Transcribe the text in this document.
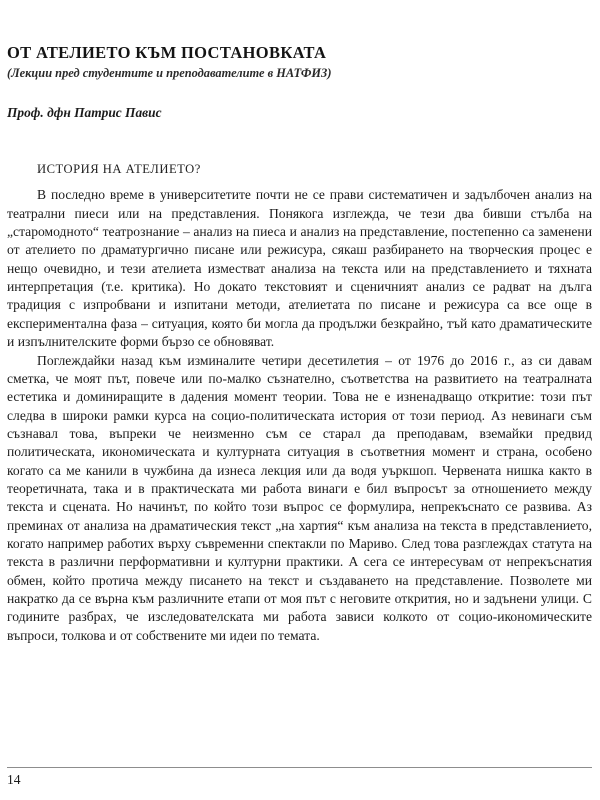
ОТ АТЕЛИЕТО КЪМ ПОСТАНОВКАТА
(Лекции пред студентите и преподавателите в НАТФИЗ)
Проф. дфн Патрис Павис
ИСТОРИЯ НА АТЕЛИЕТО?

В последно време в университетите почти не се прави систематичен и задълбочен анализ на театрални пиеси или на представления. Понякога изглежда, че тези два бивши стълба на „старомодното“ театрознание – анализ на пиеса и анализ на представление, постепенно са заменени от ателието по драматургично писане или режисура, сякаш разбирането на творческия процес е нещо очевидно, и тези ателиета изместват анализа на текста или на представлението и тяхната интерпретация (т.е. критика). Но докато текстовият и сценичният анализ се радват на дълга традиция с изпробвани и изпитани методи, ателиетата по писане и режисура са все още в експериментална фаза – ситуация, която би могла да продължи безкрайно, тъй като драматическите и изпълнителските форми бързо се обновяват.

Поглеждайки назад към изминалите четири десетилетия – от 1976 до 2016 г., аз си давам сметка, че моят път, повече или по-малко съзнателно, съответства на развитието на театралната естетика и доминиращите в дадения момент теории. Това не е изненадващо откритие: този път следва в широки рамки курса на социо-политическата история от този период. Аз невинаги съм съзнавал това, въпреки че неизменно съм се старал да преподавам, вземайки предвид политическата, икономическата и културната ситуация в съответния момент и страна, особено когато са ме канили в чужбина да изнеса лекция или да водя уъркшоп. Червената нишка както в теоретичната, така и в практическата ми работа винаги е бил въпросът за отношението между текста и сцената. Но начинът, по който този въпрос се формулира, непрекъснато се развива. Аз преминах от анализа на драматическия текст „на хартия“ към анализа на текста в представлението, когато например работих върху съвременни спектакли по Мариво. След това разглеждах статута на текста в различни перформативни и културни практики. А сега се интересувам от непрекъснатия обмен, който протича между писането на текст и създаването на представление. Позволете ми накратко да се върна към различните етапи от моя път с неговите открития, но и задънени улици. С годините разбрах, че изследователската ми работа зависи колкото от социо-икономическите въпроси, толкова и от собствените ми идеи по темата.

14
